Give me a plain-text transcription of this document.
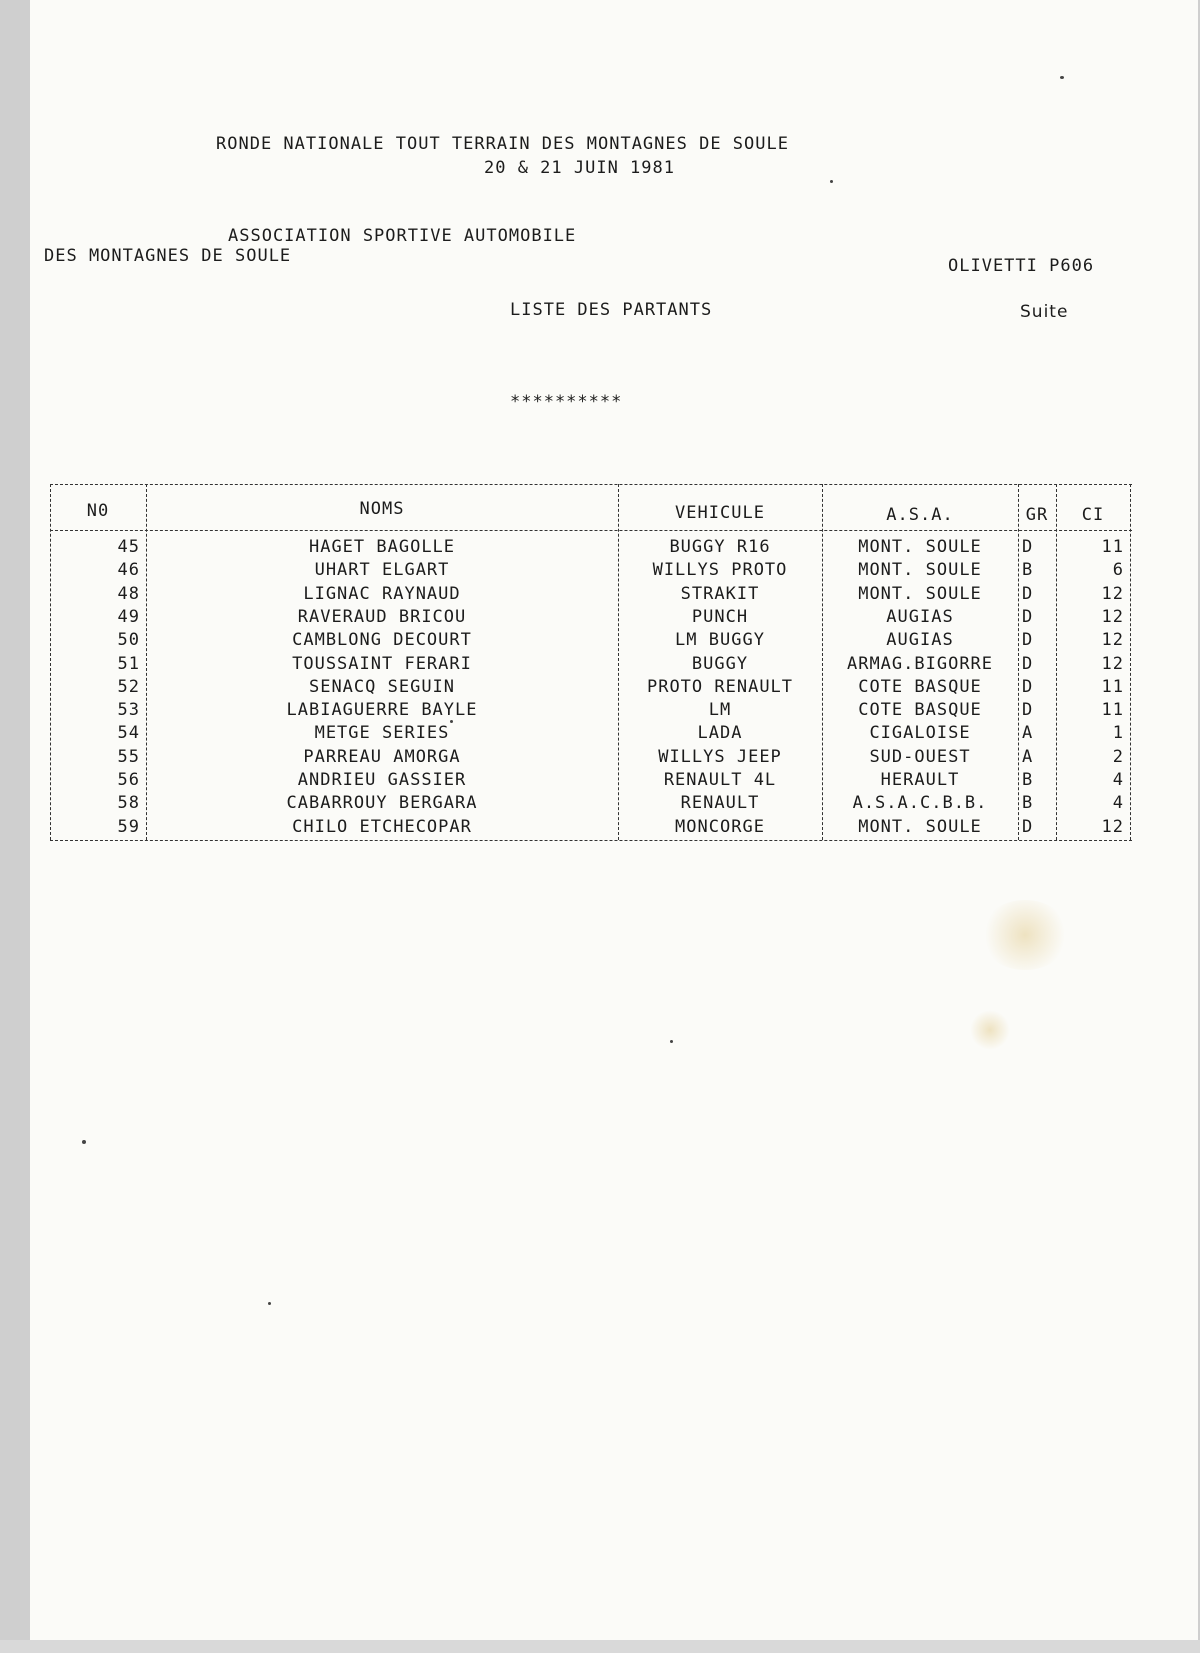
RONDE NATIONALE TOUT TERRAIN DES MONTAGNES DE SOULE
20 & 21 JUIN 1981
ASSOCIATION SPORTIVE AUTOMOBILE
DES MONTAGNES DE SOULE	OLIVETTI P606
LISTE DES PARTANTS	Suite
**********
N0	NOMS	VEHICULE	A.S.A.	GR	CI
45	HAGET BAGOLLE	BUGGY R16	MONT. SOULE	D	11
46	UHART ELGART	WILLYS PROTO	MONT. SOULE	B	6
48	LIGNAC RAYNAUD	STRAKIT	MONT. SOULE	D	12
49	RAVERAUD BRICOU	PUNCH	AUGIAS	D	12
50	CAMBLONG DECOURT	LM BUGGY	AUGIAS	D	12
51	TOUSSAINT FERARI	BUGGY	ARMAG.BIGORRE	D	12
52	SENACQ SEGUIN	PROTO RENAULT	COTE BASQUE	D	11
53	LABIAGUERRE BAYLE	LM	COTE BASQUE	D	11
54	METGE SERIES	LADA	CIGALOISE	A	1
55	PARREAU AMORGA	WILLYS JEEP	SUD-OUEST	A	2
56	ANDRIEU GASSIER	RENAULT 4L	HERAULT	B	4
58	CABARROUY BERGARA	RENAULT	A.S.A.C.B.B.	B	4
59	CHILO ETCHECOPAR	MONCORGE	MONT. SOULE	D	12
